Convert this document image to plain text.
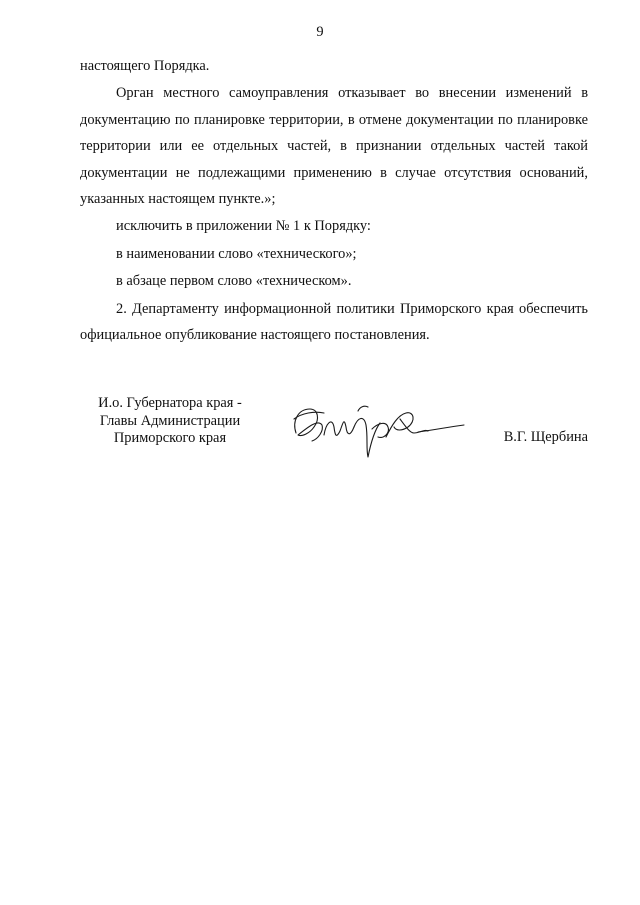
9

настоящего Порядка.

Орган местного самоуправления отказывает во внесении изменений в документацию по планировке территории, в отмене документации по планировке территории или ее отдельных частей, в признании отдельных частей такой документации не подлежащими применению в случае отсутствия оснований, указанных настоящем пункте.»;

исключить в приложении № 1 к Порядку:

в наименовании слово «технического»;

в абзаце первом слово «техническом».

2. Департаменту информационной политики Приморского края обеспечить официальное опубликование настоящего постановления.

И.о. Губернатора края -
Главы Администрации
Приморского края	В.Г. Щербина
